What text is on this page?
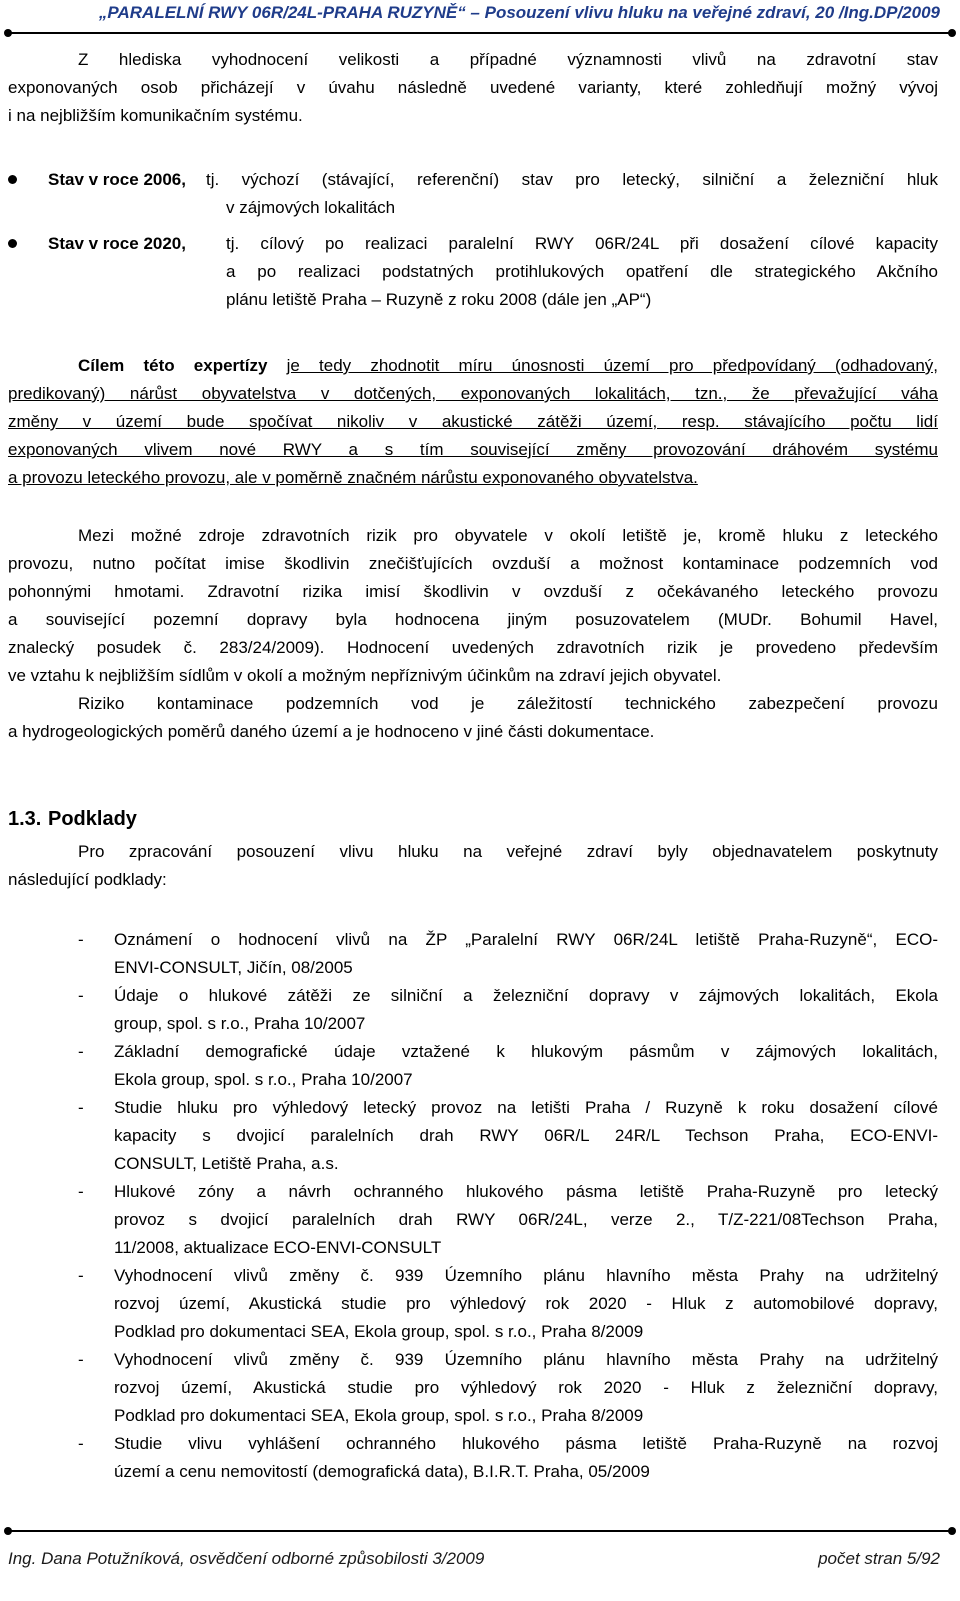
„PARALELNÍ RWY 06R/24L-PRAHA RUZYNĚ“ – Posouzení vlivu hluku na veřejné zdraví, 20 /Ing.DP/2009
Z hlediska vyhodnocení velikosti a případné významnosti vlivů na zdravotní stav
exponovaných osob přicházejí v úvahu následně uvedené varianty, které zohledňují možný vývoj
i na nejbližším komunikačním systému.
Stav v roce 2006, tj. výchozí (stávající, referenční) stav pro letecký, silniční a železniční hluk
v zájmových lokalitách
Stav v roce 2020, tj. cílový po realizaci paralelní RWY 06R/24L při dosažení cílové kapacity
a po realizaci podstatných protihlukových opatření dle strategického Akčního
plánu letiště Praha – Ruzyně z roku 2008 (dále jen „AP“)
Cílem této expertízy je tedy zhodnotit míru únosnosti území pro předpovídaný (odhadovaný,
predikovaný) nárůst obyvatelstva v dotčených, exponovaných lokalitách, tzn., že převažující váha
změny v území bude spočívat nikoliv v akustické zátěži území, resp. stávajícího počtu lidí
exponovaných vlivem nové RWY a s tím související změny provozování dráhovém systému
a provozu leteckého provozu, ale v poměrně značném nárůstu exponovaného obyvatelstva.
Mezi možné zdroje zdravotních rizik pro obyvatele v okolí letiště je, kromě hluku z leteckého
provozu, nutno počítat imise škodlivin znečišťujících ovzduší a možnost kontaminace podzemních vod
pohonnými hmotami. Zdravotní rizika imisí škodlivin v ovzduší z očekávaného leteckého provozu
a související pozemní dopravy byla hodnocena jiným posuzovatelem (MUDr. Bohumil Havel,
znalecký posudek č. 283/24/2009). Hodnocení uvedených zdravotních rizik je provedeno především
ve vztahu k nejbližším sídlům v okolí a možným nepříznivým účinkům na zdraví jejich obyvatel.
Riziko kontaminace podzemních vod je záležitostí technického zabezpečení provozu
a hydrogeologických poměrů daného území a je hodnoceno v jiné části dokumentace.
1.3. Podklady
Pro zpracování posouzení vlivu hluku na veřejné zdraví byly objednavatelem poskytnuty
následující podklady:
- Oznámení o hodnocení vlivů na ŽP „Paralelní RWY 06R/24L letiště Praha-Ruzyně“, ECO-
ENVI-CONSULT, Jičín, 08/2005
- Údaje o hlukové zátěži ze silniční a železniční dopravy v zájmových lokalitách, Ekola
group, spol. s r.o., Praha 10/2007
- Základní demografické údaje vztažené k hlukovým pásmům v zájmových lokalitách,
Ekola group, spol. s r.o., Praha 10/2007
- Studie hluku pro výhledový letecký provoz na letišti Praha / Ruzyně k roku dosažení cílové
kapacity s dvojicí paralelních drah RWY 06R/L 24R/L Techson Praha, ECO-ENVI-
CONSULT, Letiště Praha, a.s.
- Hlukové zóny a návrh ochranného hlukového pásma letiště Praha-Ruzyně pro letecký
provoz s dvojicí paralelních drah RWY 06R/24L, verze 2., T/Z-221/08Techson Praha,
11/2008, aktualizace ECO-ENVI-CONSULT
- Vyhodnocení vlivů změny č. 939 Územního plánu hlavního města Prahy na udržitelný
rozvoj území, Akustická studie pro výhledový rok 2020 - Hluk z automobilové dopravy,
Podklad pro dokumentaci SEA, Ekola group, spol. s r.o., Praha 8/2009
- Vyhodnocení vlivů změny č. 939 Územního plánu hlavního města Prahy na udržitelný
rozvoj území, Akustická studie pro výhledový rok 2020 - Hluk z železniční dopravy,
Podklad pro dokumentaci SEA, Ekola group, spol. s r.o., Praha 8/2009
- Studie vlivu vyhlášení ochranného hlukového pásma letiště Praha-Ruzyně na rozvoj
území a cenu nemovitostí (demografická data), B.I.R.T. Praha, 05/2009
Ing. Dana Potužníková, osvědčení odborné způsobilosti 3/2009	počet stran 5/92
